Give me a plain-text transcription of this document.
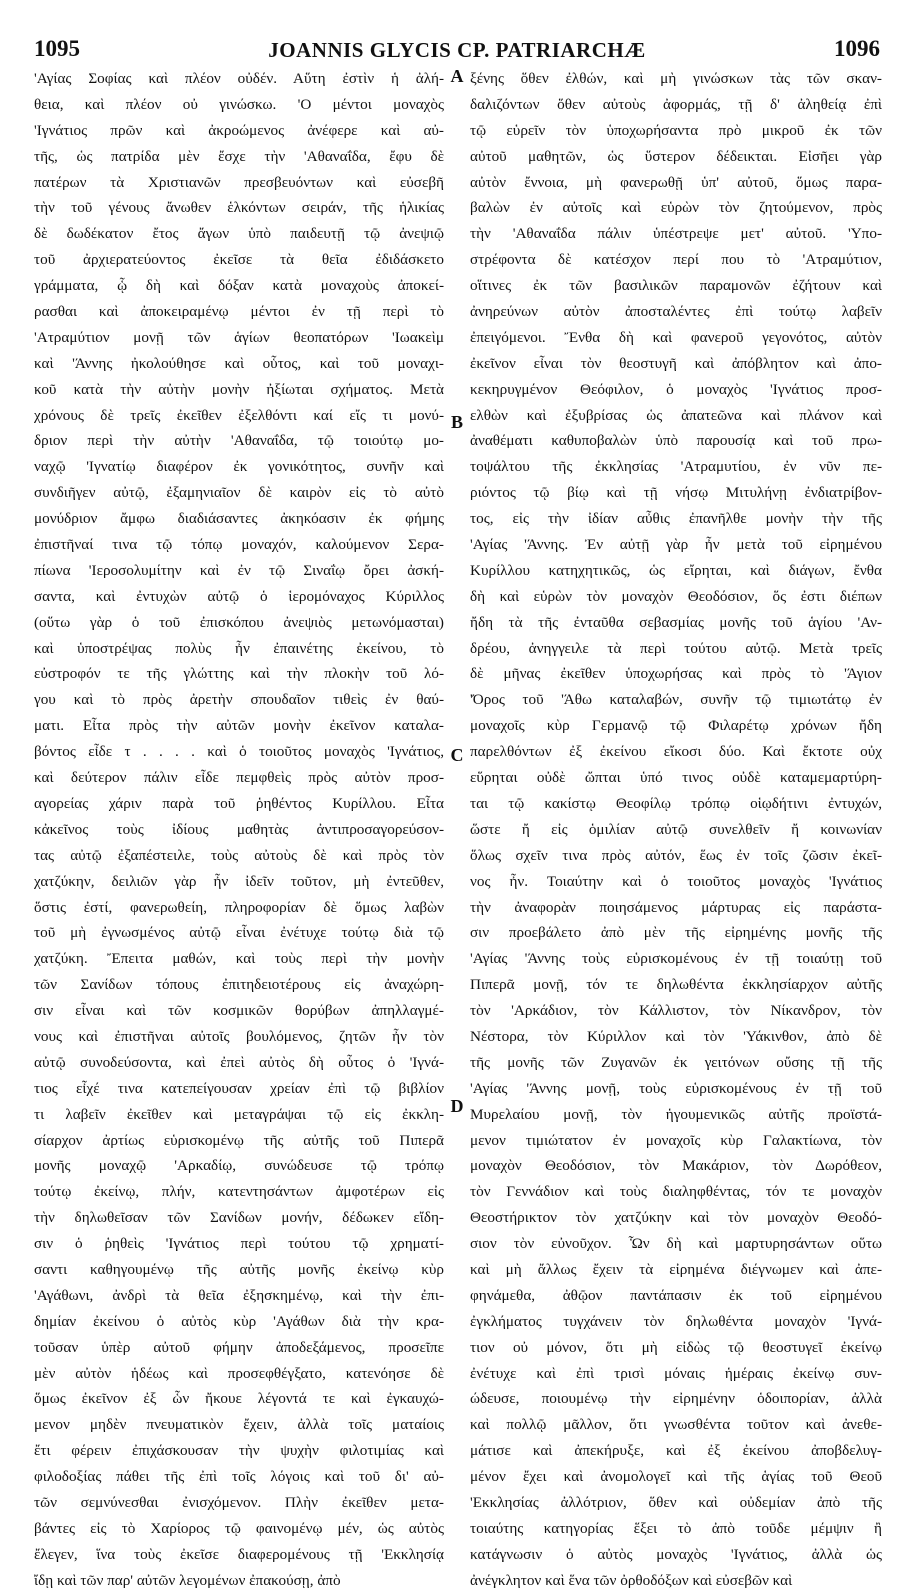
1095	JOANNIS GLYCIS CP. PATRIARCHÆ	1096
'Αγίας Σοφίας καὶ πλέον οὐδέν. Αὕτη ἐστὶν ἡ ἀλή-
θεια, καὶ πλέον οὐ γινώσκω. 'Ο μέντοι μοναχὸς
'Ιγνάτιος πρῶν καὶ ἀκροώμενος ἀνέφερε καὶ αὐ-
τῆς, ὡς πατρίδα μὲν ἔσχε τὴν 'Αθαναΐδα, ἔφυ δὲ
πατέρων τὰ Χριστιανῶν πρεσβευόντων καὶ εὐσεβῆ
τὴν τοῦ γένους ἄνωθεν ἑλκόντων σειράν, τῆς ἡλικίας
δὲ δωδέκατον ἔτος ἄγων ὑπὸ παιδευτῇ τῷ ἀνεψιῷ
τοῦ ἀρχιερατεύοντος ἐκεῖσε τὰ θεῖα ἐδιδάσκετο
γράμματα, ᾧ δὴ καὶ δόξαν κατὰ μοναχοὺς ἀποκεί-
ρασθαι καὶ ἀποκειραμένῳ μέντοι ἐν τῇ περὶ τὸ
'Ατραμύτιον μονῇ τῶν ἁγίων θεοπατόρων 'Ιωακεὶμ
καὶ 'Άννης ἠκολούθησε καὶ οὗτος, καὶ τοῦ μοναχι-
κοῦ κατὰ τὴν αὐτὴν μονὴν ἠξίωται σχήματος. Μετὰ
χρόνους δὲ τρεῖς ἐκεῖθεν ἐξελθόντι καί εἴς τι μονύ-
δριον περὶ τὴν αὐτὴν 'Αθαναΐδα, τῷ τοιούτῳ μο-
ναχῷ 'Ιγνατίῳ διαφέρον ἐκ γονικότητος, συνῆν καὶ
συνδιῆγεν αὐτῷ, ἐξαμηνιαῖον δὲ καιρὸν εἰς τὸ αὐτὸ
μονύδριον ἄμφω διαδιάσαντες ἀκηκόασιν ἐκ φήμης
ἐπιστῆναί τινα τῷ τόπῳ μοναχόν, καλούμενον Σερα-
πίωνα 'Ιεροσολυμίτην καὶ ἐν τῷ Σιναΐῳ ὄρει ἀσκή-
σαντα, καὶ ἐντυχὼν αὐτῷ ὁ ἱερομόναχος Κύριλλος
(οὕτω γὰρ ὁ τοῦ ἐπισκόπου ἀνεψιὸς μετωνόμασται)
καὶ ὑποστρέψας πολὺς ἦν ἐπαινέτης ἐκείνου, τὸ
εὐστροφόν τε τῆς γλώττης καὶ τὴν πλοκὴν τοῦ λό-
γου καὶ τὸ πρὸς ἀρετὴν σπουδαῖον τιθεὶς ἐν θαύ-
ματι. Εἶτα πρὸς τὴν αὐτῶν μονὴν ἐκεῖνον καταλα-
βόντος εἶδε τ . . . . καὶ ὁ τοιοῦτος μοναχὸς 'Ιγνάτιος,
καὶ δεύτερον πάλιν εἶδε πεμφθεὶς πρὸς αὐτὸν προσ-
αγορείας χάριν παρὰ τοῦ ῥηθέντος Κυρίλλου. Εἶτα
κἀκεῖνος τοὺς ἰδίους μαθητὰς ἀντιπροσαγορεύσον-
τας αὐτῷ ἐξαπέστειλε, τοὺς αὐτοὺς δὲ καὶ πρὸς τὸν
χατζύκην, δειλιῶν γὰρ ἦν ἰδεῖν τοῦτον, μὴ ἐντεῦθεν,
ὅστις ἐστί, φανερωθείη, πληροφορίαν δὲ ὅμως λαβὼν
τοῦ μὴ ἐγνωσμένος αὐτῷ εἶναι ἐνέτυχε τούτῳ διὰ τῷ
χατζύκη. Ἔπειτα μαθών, καὶ τοὺς περὶ τὴν μονὴν
τῶν Σανίδων τόπους ἐπιτηδειοτέρους εἰς ἀναχώρη-
σιν εἶναι καὶ τῶν κοσμικῶν θορύβων ἀπηλλαγμέ-
νους καὶ ἐπιστῆναι αὐτοῖς βουλόμενος, ζητῶν ἦν τὸν
αὐτῷ συνοδεύσοντα, καὶ ἐπεὶ αὐτὸς δὴ οὗτος ὁ 'Ιγνά-
τιος εἶχέ τινα κατεπείγουσαν χρείαν ἐπὶ τῷ βιβλίον
τι λαβεῖν ἐκεῖθεν καὶ μεταγράψαι τῷ εἰς ἐκκλη-
σίαρχον ἀρτίως εὑρισκομένῳ τῆς αὐτῆς τοῦ Πιπερᾶ
μονῆς μοναχῷ 'Αρκαδίῳ, συνώδευσε τῷ τρόπῳ
τούτῳ ἐκείνῳ, πλήν, κατεντησάντων ἀμφοτέρων εἰς
τὴν δηλωθεῖσαν τῶν Σανίδων μονήν, δέδωκεν εἴδη-
σιν ὁ ῥηθεὶς 'Ιγνάτιος περὶ τούτου τῷ χρηματί-
σαντι καθηγουμένῳ τῆς αὐτῆς μονῆς ἐκείνῳ κὺρ
'Αγάθωνι, ἀνδρὶ τὰ θεῖα ἐξησκημένῳ, καὶ τὴν ἐπι-
δημίαν ἐκείνου ὁ αὐτὸς κὺρ 'Αγάθων διὰ τὴν κρα-
τοῦσαν ὑπὲρ αὐτοῦ φήμην ἀποδεξάμενος, προσεῖπε
μὲν αὐτὸν ἡδέως καὶ προσεφθέγξατο, κατενόησε δὲ
ὅμως ἐκεῖνον ἐξ ὧν ἤκουε λέγοντά τε καὶ ἐγκαυχώ-
μενον μηδὲν πνευματικὸν ἔχειν, ἀλλὰ τοῖς ματαίοις
ἔτι φέρειν ἐπιχάσκουσαν τὴν ψυχὴν φιλοτιμίας καὶ
φιλοδοξίας πάθει τῆς ἐπὶ τοῖς λόγοις καὶ τοῦ δι' αὐ-
τῶν σεμνύνεσθαι ἐνισχόμενον. Πλὴν ἐκεῖθεν μετα-
βάντες εἰς τὸ Χαρίορος τῷ φαινομένῳ μέν, ὡς αὐτὸς
ἔλεγεν, ἵνα τοὺς ἐκεῖσε διαφερομένους τῇ 'Εκκλησίᾳ
ἴδῃ καὶ τῶν παρ' αὐτῶν λεγομένων ἐπακούσῃ, ἀπὸ
ξένης ὅθεν ἐλθών, καὶ μὴ γινώσκων τὰς τῶν σκαν-
δαλιζόντων ὅθεν αὐτοὺς ἀφορμάς, τῇ δ' ἀληθείᾳ ἐπὶ
τῷ εὑρεῖν τὸν ὑποχωρήσαντα πρὸ μικροῦ ἐκ τῶν
αὐτοῦ μαθητῶν, ὡς ὕστερον δέδεικται. Εἰσῆει γὰρ
αὐτὸν ἔννοια, μὴ φανερωθῇ ὑπ' αὐτοῦ, ὅμως παρα-
βαλὼν ἐν αὐτοῖς καὶ εὑρὼν τὸν ζητούμενον, πρὸς
τὴν 'Αθαναΐδα πάλιν ὑπέστρεψε μετ' αὐτοῦ. 'Υπο-
στρέφοντα δὲ κατέσχον περί που τὸ 'Ατραμύτιον,
οἵτινες ἐκ τῶν βασιλικῶν παραμονῶν ἐζήτουν καὶ
ἀνηρεύνων αὐτὸν ἀποσταλέντες ἐπὶ τούτῳ λαβεῖν
ἐπειγόμενοι. Ἔνθα δὴ καὶ φανεροῦ γεγονότος, αὐτὸν
ἐκεῖνον εἶναι τὸν θεοστυγῆ καὶ ἀπόβλητον καὶ ἀπο-
κεκηρυγμένον Θεόφιλον, ὁ μοναχὸς 'Ιγνάτιος προσ-
ελθὼν καὶ ἐξυβρίσας ὡς ἀπατεῶνα καὶ πλάνον καὶ
ἀναθέματι καθυποβαλὼν ὑπὸ παρουσίᾳ καὶ τοῦ πρω-
τοψάλτου τῆς ἐκκλησίας 'Ατραμυτίου, ἐν νῦν πε-
ριόντος τῷ βίῳ καὶ τῇ νήσῳ Μιτυλήνῃ ἐνδιατρίβον-
τος, εἰς τὴν ἰδίαν αὖθις ἐπανῆλθε μονὴν τὴν τῆς
'Αγίας 'Άννης. Ἐν αὐτῇ γὰρ ἦν μετὰ τοῦ εἰρημένου
Κυρίλλου κατηχητικῶς, ὡς εἴρηται, καὶ διάγων, ἔνθα
δὴ καὶ εὑρὼν τὸν μοναχὸν Θεοδόσιον, ὅς ἐστι διέπων
ἤδη τὰ τῆς ἐνταῦθα σεβασμίας μονῆς τοῦ ἁγίου 'Αν-
δρέου, ἀνηγγειλε τὰ περὶ τούτου αὐτῷ. Μετὰ τρεῖς
δὲ μῆνας ἐκεῖθεν ὑποχωρήσας καὶ πρὸς τὸ 'Άγιον
'Όρος τοῦ 'Άθω καταλαβών, συνῆν τῷ τιμιωτάτῳ ἐν
μοναχοῖς κὺρ Γερμανῷ τῷ Φιλαρέτῳ χρόνων ἤδη
παρελθόντων ἐξ ἐκείνου εἴκοσι δύο. Καὶ ἔκτοτε οὐχ
εὕρηται οὐδὲ ὤπται ὑπό τινος οὐδὲ καταμεμαρτύρη-
ται τῷ κακίστῳ Θεοφίλῳ τρόπῳ οἱῳδήτινι ἐντυχών,
ὥστε ἤ εἰς ὁμιλίαν αὐτῷ συνελθεῖν ἤ κοινωνίαν
ὅλως σχεῖν τινα πρὸς αὐτόν, ἕως ἐν τοῖς ζῶσιν ἐκεῖ-
νος ἦν. Τοιαύτην καὶ ὁ τοιοῦτος μοναχὸς 'Ιγνάτιος
τὴν ἀναφορὰν ποιησάμενος μάρτυρας εἰς παράστα-
σιν προεβάλετο ἀπὸ μὲν τῆς εἰρημένης μονῆς τῆς
'Αγίας 'Άννης τοὺς εὑρισκομένους ἐν τῇ τοιαύτῃ τοῦ
Πιπερᾶ μονῇ, τόν τε δηλωθέντα ἐκκλησίαρχον αὐτῆς
τὸν 'Αρκάδιον, τὸν Κάλλιστον, τὸν Νίκανδρον, τὸν
Νέστορα, τὸν Κύριλλον καὶ τὸν 'Υάκινθον, ἀπὸ δὲ
τῆς μονῆς τῶν Ζυγανῶν ἐκ γειτόνων οὔσης τῇ τῆς
'Αγίας 'Άννης μονῇ, τοὺς εὑρισκομένους ἐν τῇ τοῦ
Μυρελαίου μονῇ, τὸν ἡγουμενικῶς αὐτῆς προϊστά-
μενον τιμιώτατον ἐν μοναχοῖς κὺρ Γαλακτίωνα, τὸν
μοναχὸν Θεοδόσιον, τὸν Μακάριον, τὸν Δωρόθεον,
τὸν Γεννάδιον καὶ τοὺς διαληφθέντας, τόν τε μοναχὸν
Θεοστήρικτον τὸν χατζύκην καὶ τὸν μοναχὸν Θεοδό-
σιον τὸν εὐνοῦχον. Ὧν δὴ καὶ μαρτυρησάντων οὕτω
καὶ μὴ ἄλλως ἔχειν τὰ εἰρημένα διέγνωμεν καὶ ἀπε-
φηνάμεθα, ἀθῷον παντάπασιν ἐκ τοῦ εἰρημένου
ἐγκλήματος τυγχάνειν τὸν δηλωθέντα μοναχὸν 'Ιγνά-
τιον οὐ μόνον, ὅτι μὴ εἰδὼς τῷ θεοστυγεῖ ἐκείνῳ
ἐνέτυχε καὶ ἐπὶ τρισὶ μόναις ἡμέραις ἐκείνῳ συν-
ώδευσε, ποιουμένῳ τὴν εἰρημένην ὁδοιπορίαν, ἀλλὰ
καὶ πολλῷ μᾶλλον, ὅτι γνωσθέντα τοῦτον καὶ ἀνεθε-
μάτισε καὶ ἀπεκήρυξε, καὶ ἐξ ἐκείνου ἀποβδελυγ-
μένον ἔχει καὶ ἀνομολογεῖ καὶ τῆς ἁγίας τοῦ Θεοῦ
'Εκκλησίας ἀλλότριον, ὅθεν καὶ οὐδεμίαν ἀπὸ τῆς
τοιαύτης κατηγορίας ἕξει τὸ ἀπὸ τοῦδε μέμψιν ἢ
κατάγνωσιν ὁ αὐτὸς μοναχὸς 'Ιγνάτιος, ἀλλὰ ὡς
ἀνέγκλητον καὶ ἕνα τῶν ὀρθοδόξων καὶ εὐσεβῶν καὶ
A
B
C
D
